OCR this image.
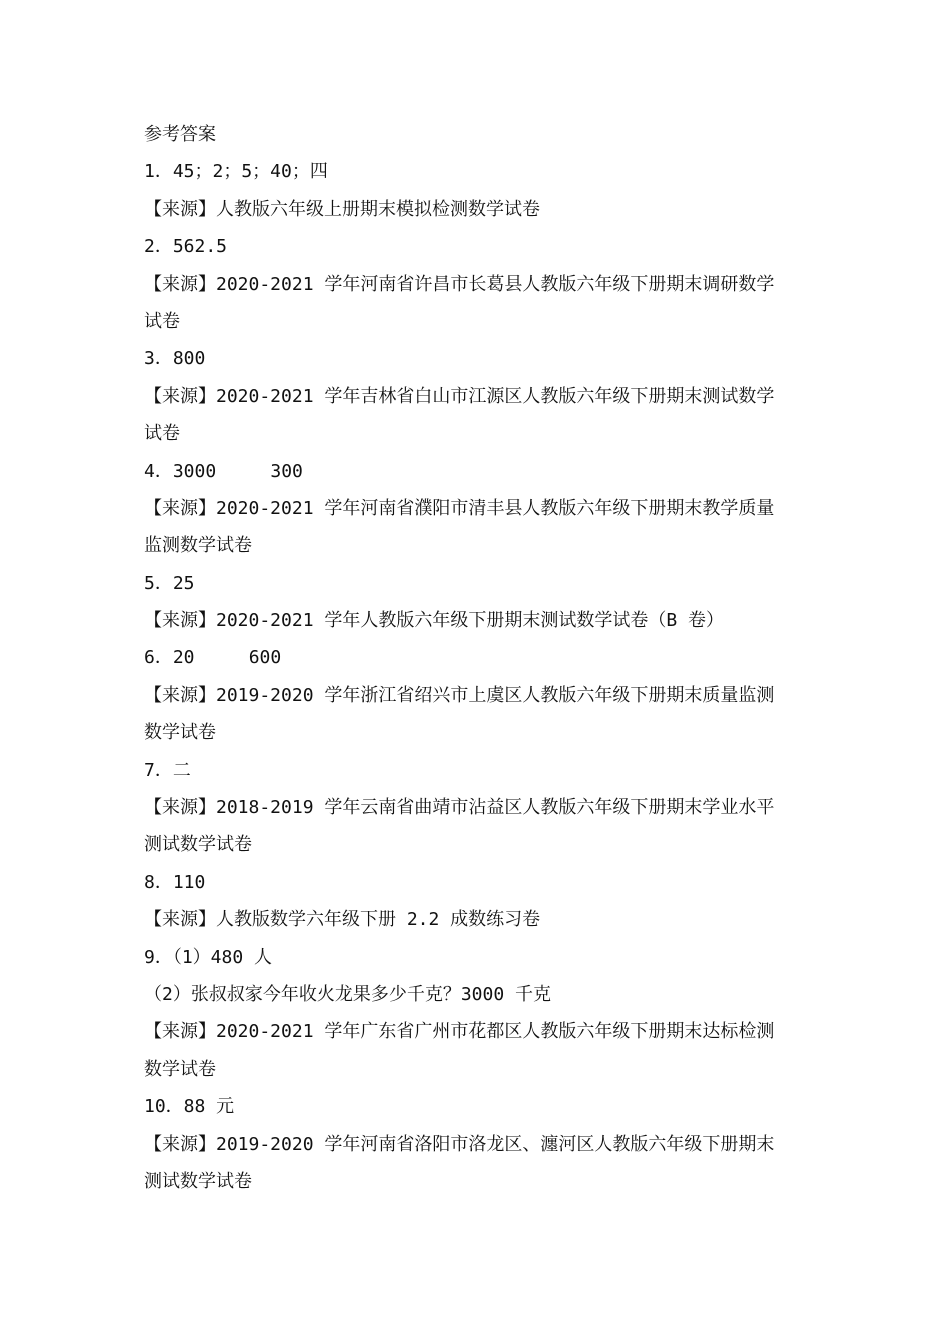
参考答案
1．45；2；5；40；四
【来源】人教版六年级上册期末模拟检测数学试卷
2．562.5
【来源】2020-2021 学年河南省许昌市长葛县人教版六年级下册期末调研数学
试卷
3．800
【来源】2020-2021 学年吉林省白山市江源区人教版六年级下册期末测试数学
试卷
4．3000     300
【来源】2020-2021 学年河南省濮阳市清丰县人教版六年级下册期末教学质量
监测数学试卷
5．25
【来源】2020-2021 学年人教版六年级下册期末测试数学试卷（B 卷）
6．20     600
【来源】2019-2020 学年浙江省绍兴市上虞区人教版六年级下册期末质量监测
数学试卷
7．二
【来源】2018-2019 学年云南省曲靖市沾益区人教版六年级下册期末学业水平
测试数学试卷
8．110
【来源】人教版数学六年级下册 2.2 成数练习卷
9．（1）480 人
（2）张叔叔家今年收火龙果多少千克？3000 千克
【来源】2020-2021 学年广东省广州市花都区人教版六年级下册期末达标检测
数学试卷
10．88 元
【来源】2019-2020 学年河南省洛阳市洛龙区、瀍河区人教版六年级下册期末
测试数学试卷
